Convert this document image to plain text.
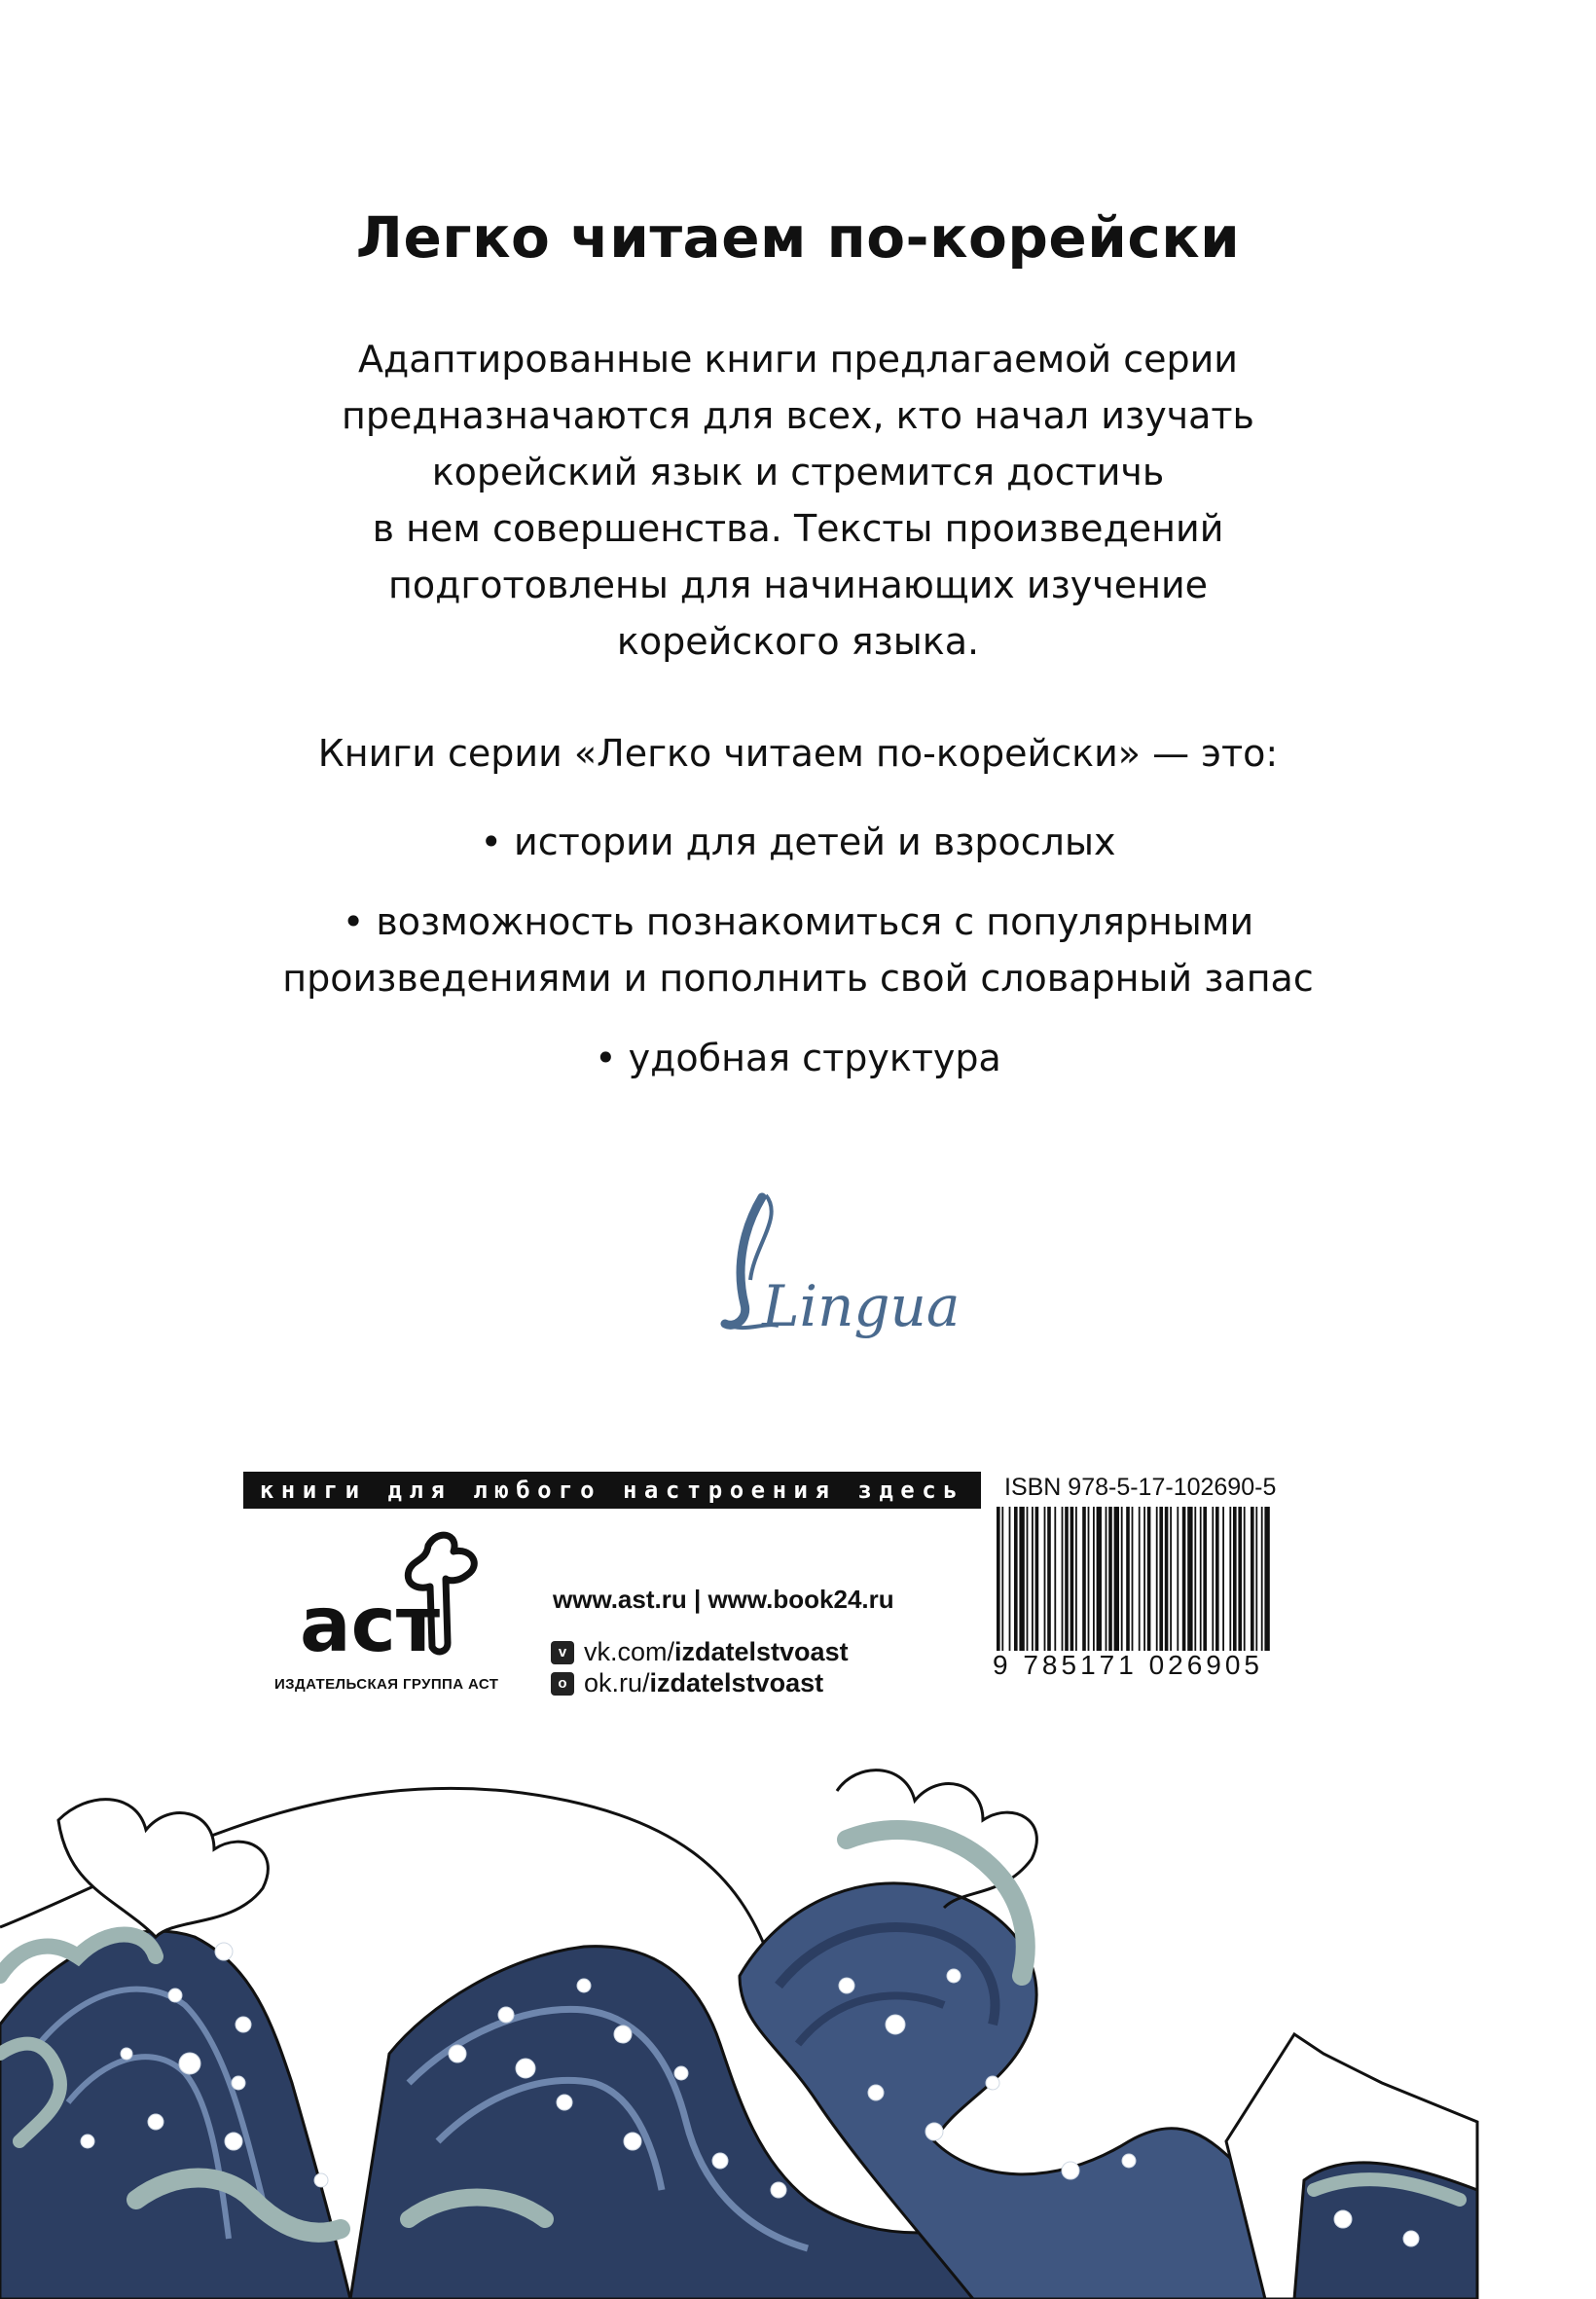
Легко читаем по-корейски
Адаптированные книги предлагаемой серии
предназначаются для всех, кто начал изучать
корейский язык и стремится достичь
в нем совершенства. Тексты произведений
подготовлены для начинающих изучение
корейского языка.
Книги серии «Легко читаем по-корейски» — это:
• истории для детей и взрослых
• возможность познакомиться с популярными
произведениями и пополнить свой словарный запас
• удобная структура
Lingua
книги для любого настроения здесь	ISBN 978-5-17-102690-5
9 785171 026905
аст
ИЗДАТЕЛЬСКАЯ ГРУППА АСТ
www.ast.ru | www.book24.ru
v vk.com/ izdatelstvoast
o ok.ru/ izdatelstvoast
